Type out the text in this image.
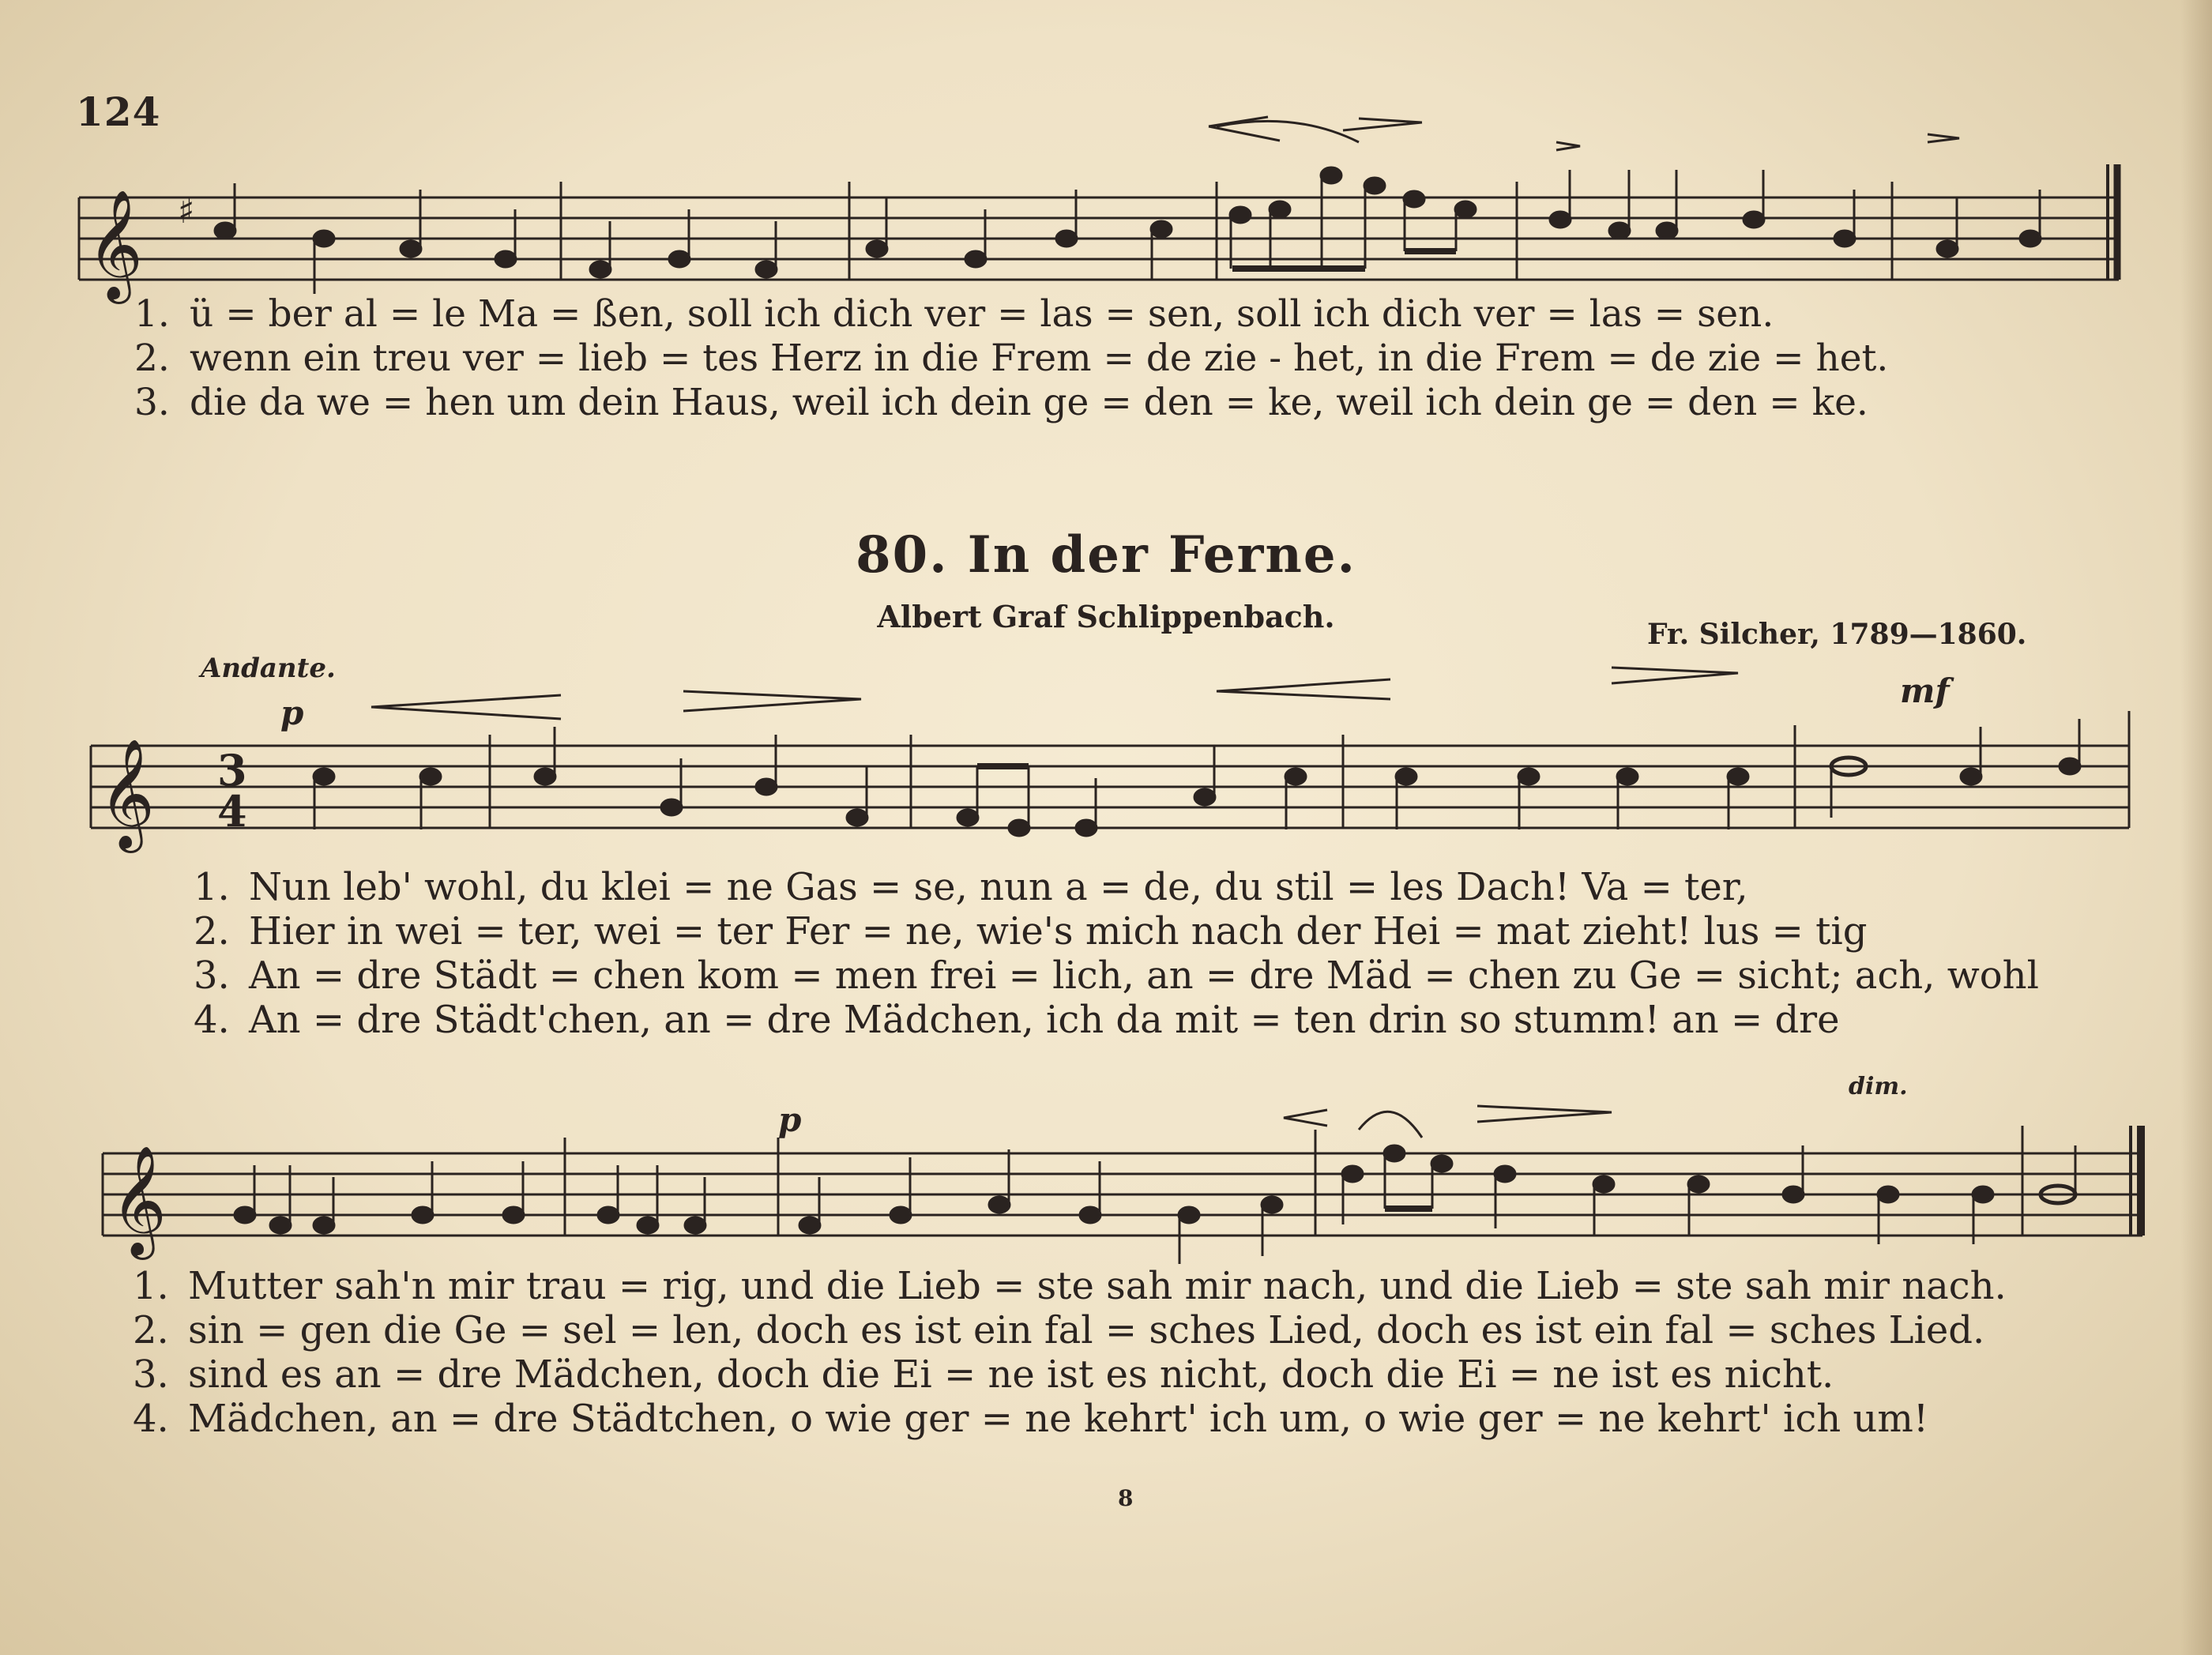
124
𝄞 ♯
𝄞 3
4
𝄞
1. ü = ber al = le Ma = ßen, soll ich dich ver = las = sen, soll ich dich ver = las = sen.
2. wenn ein treu ver = lieb = tes Herz in die Frem = de zie - het, in die Frem = de zie = het.
3. die da we = hen um dein Haus, weil ich dein ge = den = ke, weil ich dein ge = den = ke.
80. In der Ferne.
Albert Graf Schlippenbach.	Fr. Silcher, 1789—1860.
Andante.
p
mf
p
dim.
1. Nun leb' wohl, du klei = ne Gas = se, nun a = de, du stil = les Dach! Va = ter,
2. Hier in wei = ter, wei = ter Fer = ne, wie's mich nach der Hei = mat zieht! lus = tig
3. An = dre Städt = chen kom = men frei = lich, an = dre Mäd = chen zu Ge = sicht; ach, wohl
4. An = dre Städt'chen, an = dre Mädchen, ich da mit = ten drin so stumm! an = dre
1. Mutter sah'n mir trau = rig, und die Lieb = ste sah mir nach, und die Lieb = ste sah mir nach.
2. sin = gen die Ge = sel = len, doch es ist ein fal = sches Lied, doch es ist ein fal = sches Lied.
3. sind es an = dre Mädchen, doch die Ei = ne ist es nicht, doch die Ei = ne ist es nicht.
4. Mädchen, an = dre Städtchen, o wie ger = ne kehrt' ich um, o wie ger = ne kehrt' ich um!
8
